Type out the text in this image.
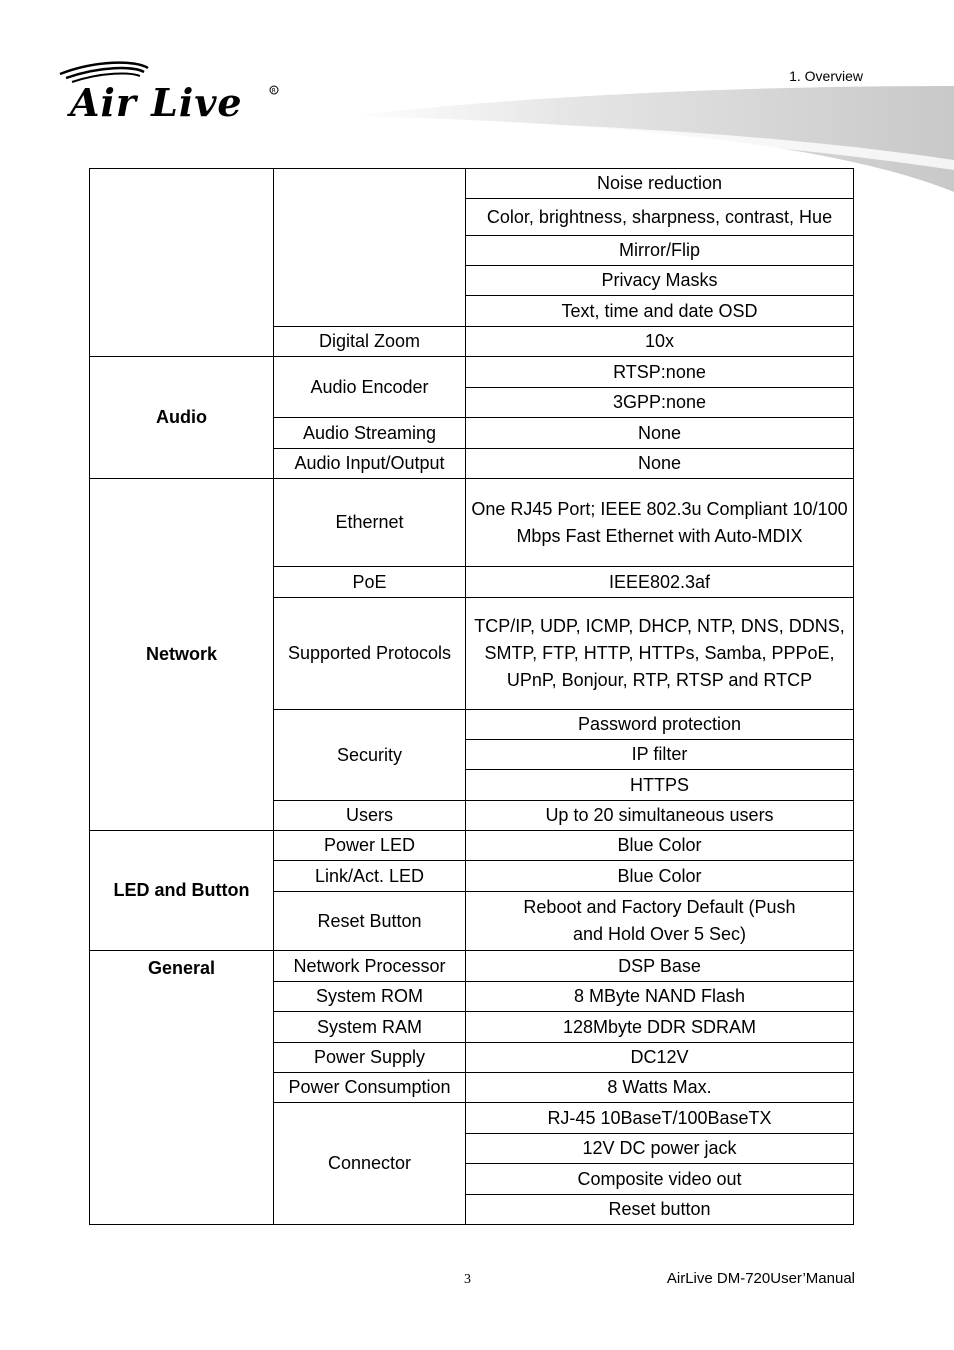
Air Live	R
1. Overview
		Noise reduction
		Color, brightness, sharpness, contrast, Hue
		Mirror/Flip
		Privacy Masks
		Text, time and date OSD
	Digital Zoom	10x
Audio	Audio Encoder	RTSP:none
		3GPP:none
	Audio Streaming	None
	Audio Input/Output	None
Network	Ethernet	One RJ45 Port; IEEE 802.3u Compliant 10/100 Mbps Fast Ethernet with Auto-MDIX
	PoE	IEEE802.3af
	Supported Protocols	TCP/IP, UDP, ICMP, DHCP, NTP, DNS, DDNS, SMTP, FTP, HTTP, HTTPs, Samba, PPPoE, UPnP, Bonjour, RTP, RTSP and RTCP
	Security	Password protection
		IP filter
		HTTPS
	Users	Up to 20 simultaneous users
LED and Button	Power LED	Blue Color
	Link/Act. LED	Blue Color
	Reset Button	Reboot and Factory Default (Push and Hold Over 5 Sec)
General	Network Processor	DSP Base
	System ROM	8 MByte NAND Flash
	System RAM	128Mbyte DDR SDRAM
	Power Supply	DC12V
	Power Consumption	8 Watts Max.
	Connector	RJ-45 10BaseT/100BaseTX
		12V DC power jack
		Composite video out
		Reset button
3	AirLive DM-720User’Manual
